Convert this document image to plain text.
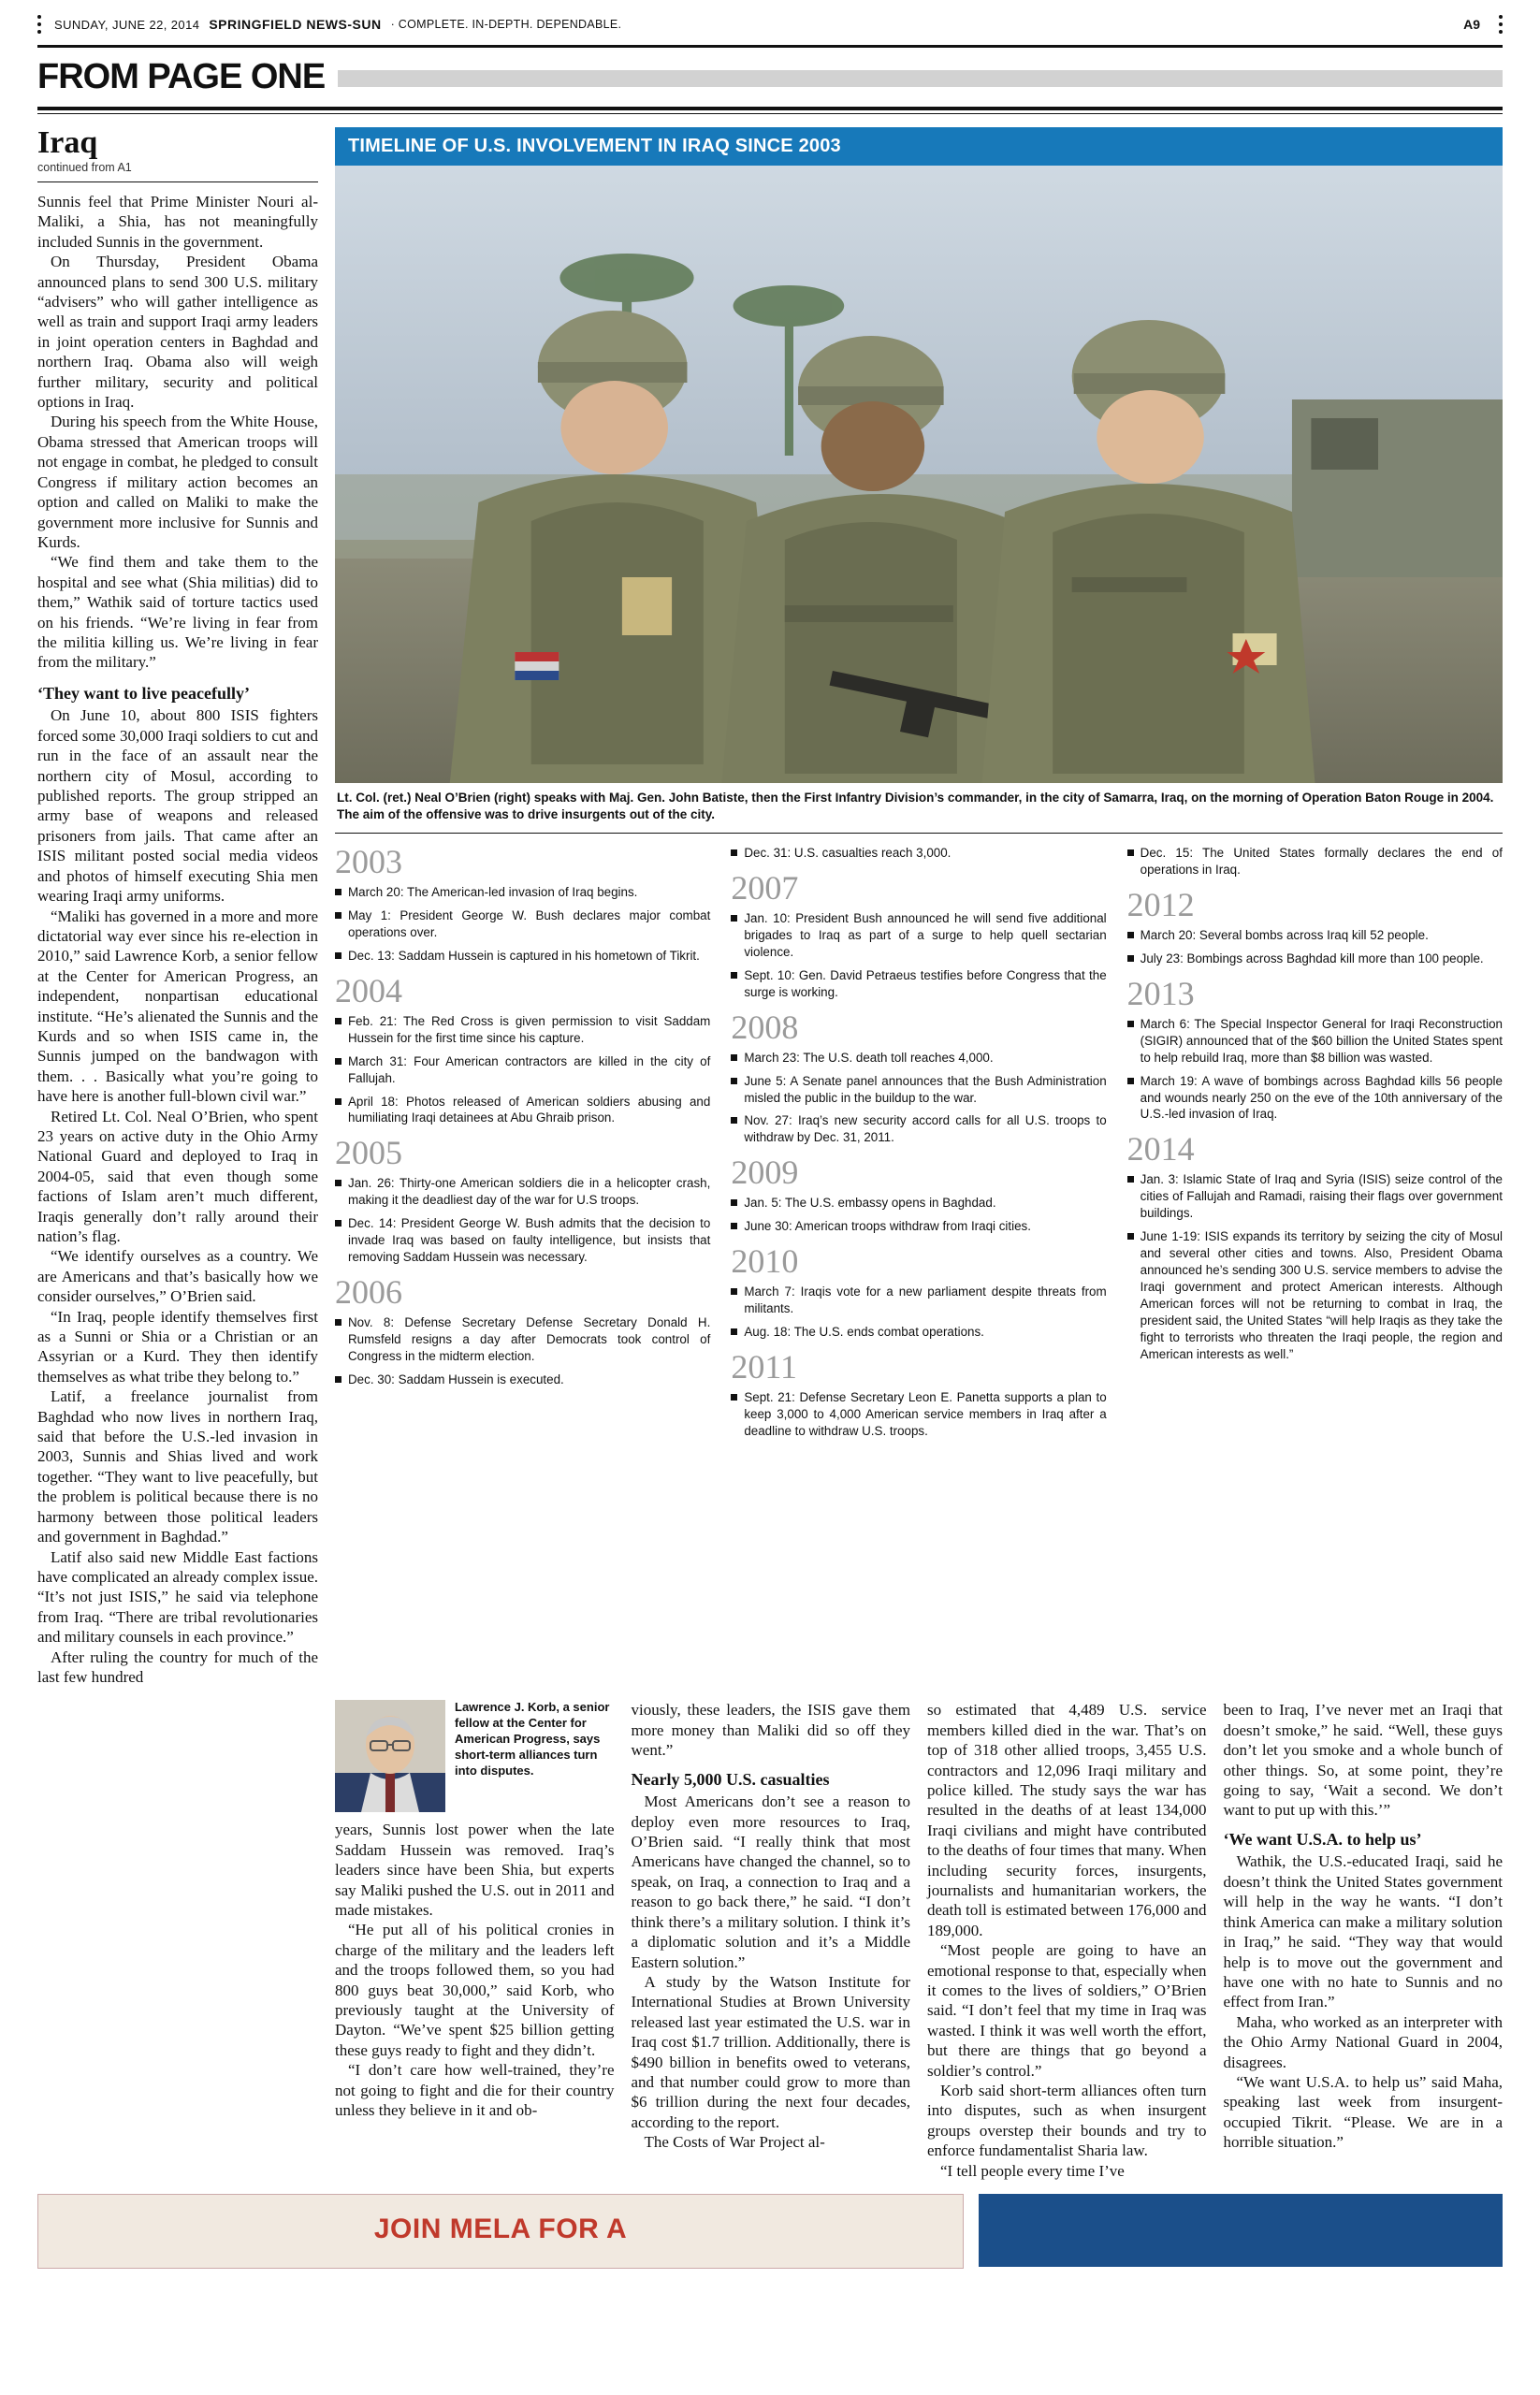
SUNDAY, JUNE 22, 2014 SPRINGFIELD NEWS-SUN · COMPLETE. IN-DEPTH. DEPENDABLE.	A9
FROM PAGE ONE
Iraq
continued from A1

Sunnis feel that Prime Minister Nouri al-Maliki, a Shia, has not meaningfully included Sunnis in the government.

On Thursday, President Obama announced plans to send 300 U.S. military “advisers” who will gather intelligence as well as train and support Iraqi army leaders in joint operation centers in Baghdad and northern Iraq. Obama also will weigh further military, security and political options in Iraq.

During his speech from the White House, Obama stressed that American troops will not engage in combat, he pledged to consult Congress if military action becomes an option and called on Maliki to make the government more inclusive for Sunnis and Kurds.

“We find them and take them to the hospital and see what (Shia militias) did to them,” Wathik said of torture tactics used on his friends. “We’re living in fear from the militia killing us. We’re living in fear from the military.”

‘They want to live peacefully’

On June 10, about 800 ISIS fighters forced some 30,000 Iraqi soldiers to cut and run in the face of an assault near the northern city of Mosul, according to published reports. The group stripped an army base of weapons and released prisoners from jails. That came after an ISIS militant posted social media videos and photos of himself executing Shia men wearing Iraqi army uniforms.

“Maliki has governed in a more and more dictatorial way ever since his re-election in 2010,” said Lawrence Korb, a senior fellow at the Center for American Progress, an independent, nonpartisan educational institute. “He’s alienated the Sunnis and the Kurds and so when ISIS came in, the Sunnis jumped on the bandwagon with them. . . Basically what you’re going to have here is another full-blown civil war.”

Retired Lt. Col. Neal O’Brien, who spent 23 years on active duty in the Ohio Army National Guard and deployed to Iraq in 2004-05, said that even though some factions of Islam aren’t much different, Iraqis generally don’t rally around their nation’s flag.

“We identify ourselves as a country. We are Americans and that’s basically how we consider ourselves,” O’Brien said.

“In Iraq, people identify themselves first as a Sunni or Shia or a Christian or an Assyrian or a Kurd. They then identify themselves as what tribe they belong to.”

Latif, a freelance journalist from Baghdad who now lives in northern Iraq, said that before the U.S.-led invasion in 2003, Sunnis and Shias lived and work together. “They want to live peacefully, but the problem is political because there is no harmony between those political leaders and government in Baghdad.”

Latif also said new Middle East factions have complicated an already complex issue. “It’s not just ISIS,” he said via telephone from Iraq. “There are tribal revolutionaries and military counsels in each province.”

After ruling the country for much of the last few hundred

TIMELINE OF U.S. INVOLVEMENT IN IRAQ SINCE 2003
Lt. Col. (ret.) Neal O’Brien (right) speaks with Maj. Gen. John Batiste, then the First Infantry Division’s commander, in the city of Samarra, Iraq, on the morning of Operation Baton Rouge in 2004. The aim of the offensive was to drive insurgents out of the city.
2003
March 20: The American-led invasion of Iraq begins.
May 1: President George W. Bush declares major combat operations over.
Dec. 13: Saddam Hussein is captured in his hometown of Tikrit.
2004
Feb. 21: The Red Cross is given permission to visit Saddam Hussein for the first time since his capture.
March 31: Four American contractors are killed in the city of Fallujah.
April 18: Photos released of American soldiers abusing and humiliating Iraqi detainees at Abu Ghraib prison.
2005
Jan. 26: Thirty-one American soldiers die in a helicopter crash, making it the deadliest day of the war for U.S troops.
Dec. 14: President George W. Bush admits that the decision to invade Iraq was based on faulty intelligence, but insists that removing Saddam Hussein was necessary.
2006
Nov. 8: Defense Secretary Defense Secretary Donald H. Rumsfeld resigns a day after Democrats took control of Congress in the midterm election.
Dec. 30: Saddam Hussein is executed.
Dec. 31: U.S. casualties reach 3,000.
2007
Jan. 10: President Bush announced he will send five additional brigades to Iraq as part of a surge to help quell sectarian violence.
Sept. 10: Gen. David Petraeus testifies before Congress that the surge is working.
2008
March 23: The U.S. death toll reaches 4,000.
June 5: A Senate panel announces that the Bush Administration misled the public in the buildup to the war.
Nov. 27: Iraq’s new security accord calls for all U.S. troops to withdraw by Dec. 31, 2011.
2009
Jan. 5: The U.S. embassy opens in Baghdad.
June 30: American troops withdraw from Iraqi cities.
2010
March 7: Iraqis vote for a new parliament despite threats from militants.
Aug. 18: The U.S. ends combat operations.
2011
Sept. 21: Defense Secretary Leon E. Panetta supports a plan to keep 3,000 to 4,000 American service members in Iraq after a deadline to withdraw U.S. troops.
Dec. 15: The United States formally declares the end of operations in Iraq.
2012
March 20: Several bombs across Iraq kill 52 people.
July 23: Bombings across Baghdad kill more than 100 people.
2013
March 6: The Special Inspector General for Iraqi Reconstruction (SIGIR) announced that of the $60 billion the United States spent to help rebuild Iraq, more than $8 billion was wasted.
March 19: A wave of bombings across Baghdad kills 56 people and wounds nearly 250 on the eve of the 10th anniversary of the U.S.-led invasion of Iraq.
2014
Jan. 3: Islamic State of Iraq and Syria (ISIS) seize control of the cities of Fallujah and Ramadi, raising their flags over government buildings.
June 1-19: ISIS expands its territory by seizing the city of Mosul and several other cities and towns. Also, President Obama announced he’s sending 300 U.S. service members to advise the Iraqi government and protect American interests. Although American forces will not be returning to combat in Iraq, the president said, the United States “will help Iraqis as they take the fight to terrorists who threaten the Iraqi people, the region and American interests as well.”
Lawrence J. Korb, a senior fellow at the Center for American Progress, says short-term alliances turn into disputes.

years, Sunnis lost power when the late Saddam Hussein was removed. Iraq’s leaders since have been Shia, but experts say Maliki pushed the U.S. out in 2011 and made mistakes.

“He put all of his political cronies in charge of the military and the leaders left and the troops followed them, so you had 800 guys beat 30,000,” said Korb, who previously taught at the University of Dayton. “We’ve spent $25 billion getting these guys ready to fight and they didn’t.

“I don’t care how well-trained, they’re not going to fight and die for their country unless they believe in it and ob-

viously, these leaders, the ISIS gave them more money than Maliki did so off they went.”

Nearly 5,000 U.S. casualties

Most Americans don’t see a reason to deploy even more resources to Iraq, O’Brien said. “I really think that most Americans have changed the channel, so to speak, on Iraq, a connection to Iraq and a reason to go back there,” he said. “I don’t think there’s a military solution. I think it’s a diplomatic solution and it’s a Middle Eastern solution.”

A study by the Watson Institute for International Studies at Brown University released last year estimated the U.S. war in Iraq cost $1.7 trillion. Additionally, there is $490 billion in benefits owed to veterans, and that number could grow to more than $6 trillion during the next four decades, according to the report.

The Costs of War Project al-

so estimated that 4,489 U.S. service members killed died in the war. That’s on top of 318 other allied troops, 3,455 U.S. contractors and 12,096 Iraqi military and police killed. The study says the war has resulted in the deaths of at least 134,000 Iraqi civilians and might have contributed to the deaths of four times that many. When including security forces, insurgents, journalists and humanitarian workers, the death toll is estimated between 176,000 and 189,000.

“Most people are going to have an emotional response to that, especially when it comes to the lives of soldiers,” O’Brien said. “I don’t feel that my time in Iraq was wasted. I think it was well worth the effort, but there are things that go beyond a soldier’s control.”

Korb said short-term alliances often turn into disputes, such as when insurgent groups overstep their bounds and try to enforce fundamentalist Sharia law.

“I tell people every time I’ve

been to Iraq, I’ve never met an Iraqi that doesn’t smoke,” he said. “Well, these guys don’t let you smoke and a whole bunch of other things. So, at some point, they’re going to say, ‘Wait a second. We don’t want to put up with this.’”

‘We want U.S.A. to help us’

Wathik, the U.S.-educated Iraqi, said he doesn’t think the United States government will help in the way he wants. “I don’t think America can make a military solution in Iraq,” he said. “They way that would help is to move out the government and have one with no hate to Sunnis and no effect from Iran.”

Maha, who worked as an interpreter with the Ohio Army National Guard in 2004, disagrees.

“We want U.S.A. to help us” said Maha, speaking last week from insurgent-occupied Tikrit. “Please. We are in a horrible situation.”

JOIN MELA FOR A
